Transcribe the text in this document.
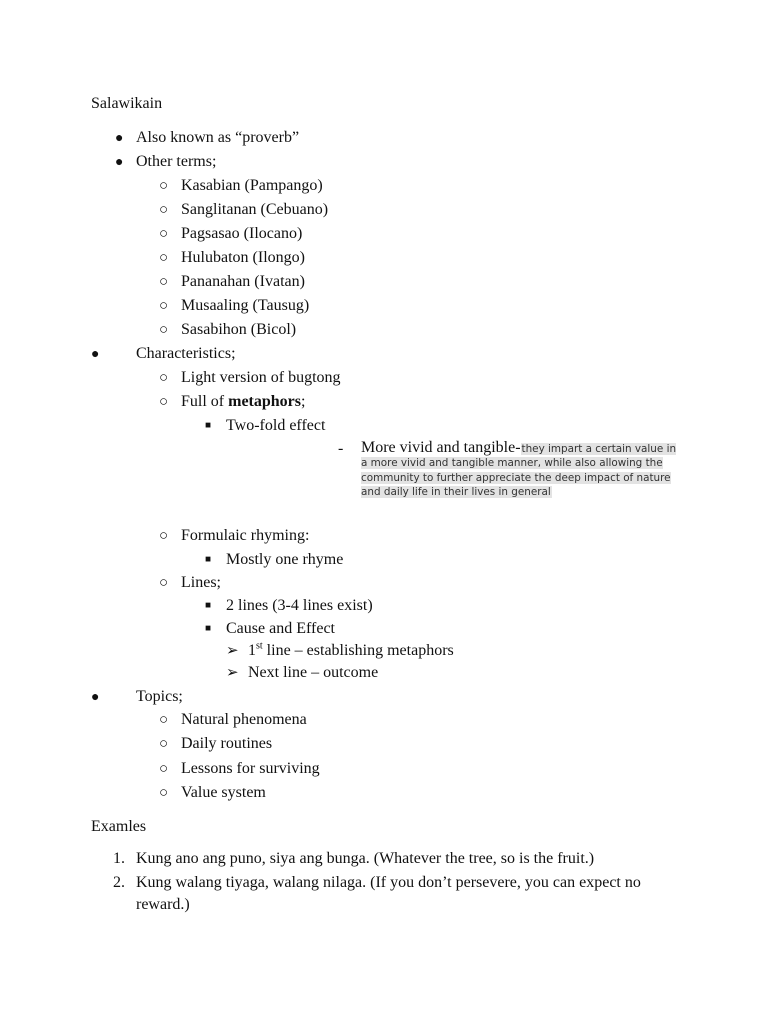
Salawikain
● Also known as “proverb”
● Other terms;
○ Kasabian (Pampango)
○ Sanglitanan (Cebuano)
○ Pagsasao (Ilocano)
○ Hulubaton (Ilongo)
○ Pananahan (Ivatan)
○ Musaaling (Tausug)
○ Sasabihon (Bicol)
● Characteristics;
○ Light version of bugtong
○ Full of metaphors;
■ Two-fold effect
- More vivid and tangible-they impart a certain value in a more vivid and tangible manner, while also allowing the community to further appreciate the deep impact of nature and daily life in their lives in general
○ Formulaic rhyming:
■ Mostly one rhyme
○ Lines;
■ 2 lines (3-4 lines exist)
■ Cause and Effect
➢ 1st line – establishing metaphors
➢ Next line – outcome
● Topics;
○ Natural phenomena
○ Daily routines
○ Lessons for surviving
○ Value system
Examles
1. Kung ano ang puno, siya ang bunga. (Whatever the tree, so is the fruit.)
2. Kung walang tiyaga, walang nilaga. (If you don’t persevere, you can expect no reward.)
